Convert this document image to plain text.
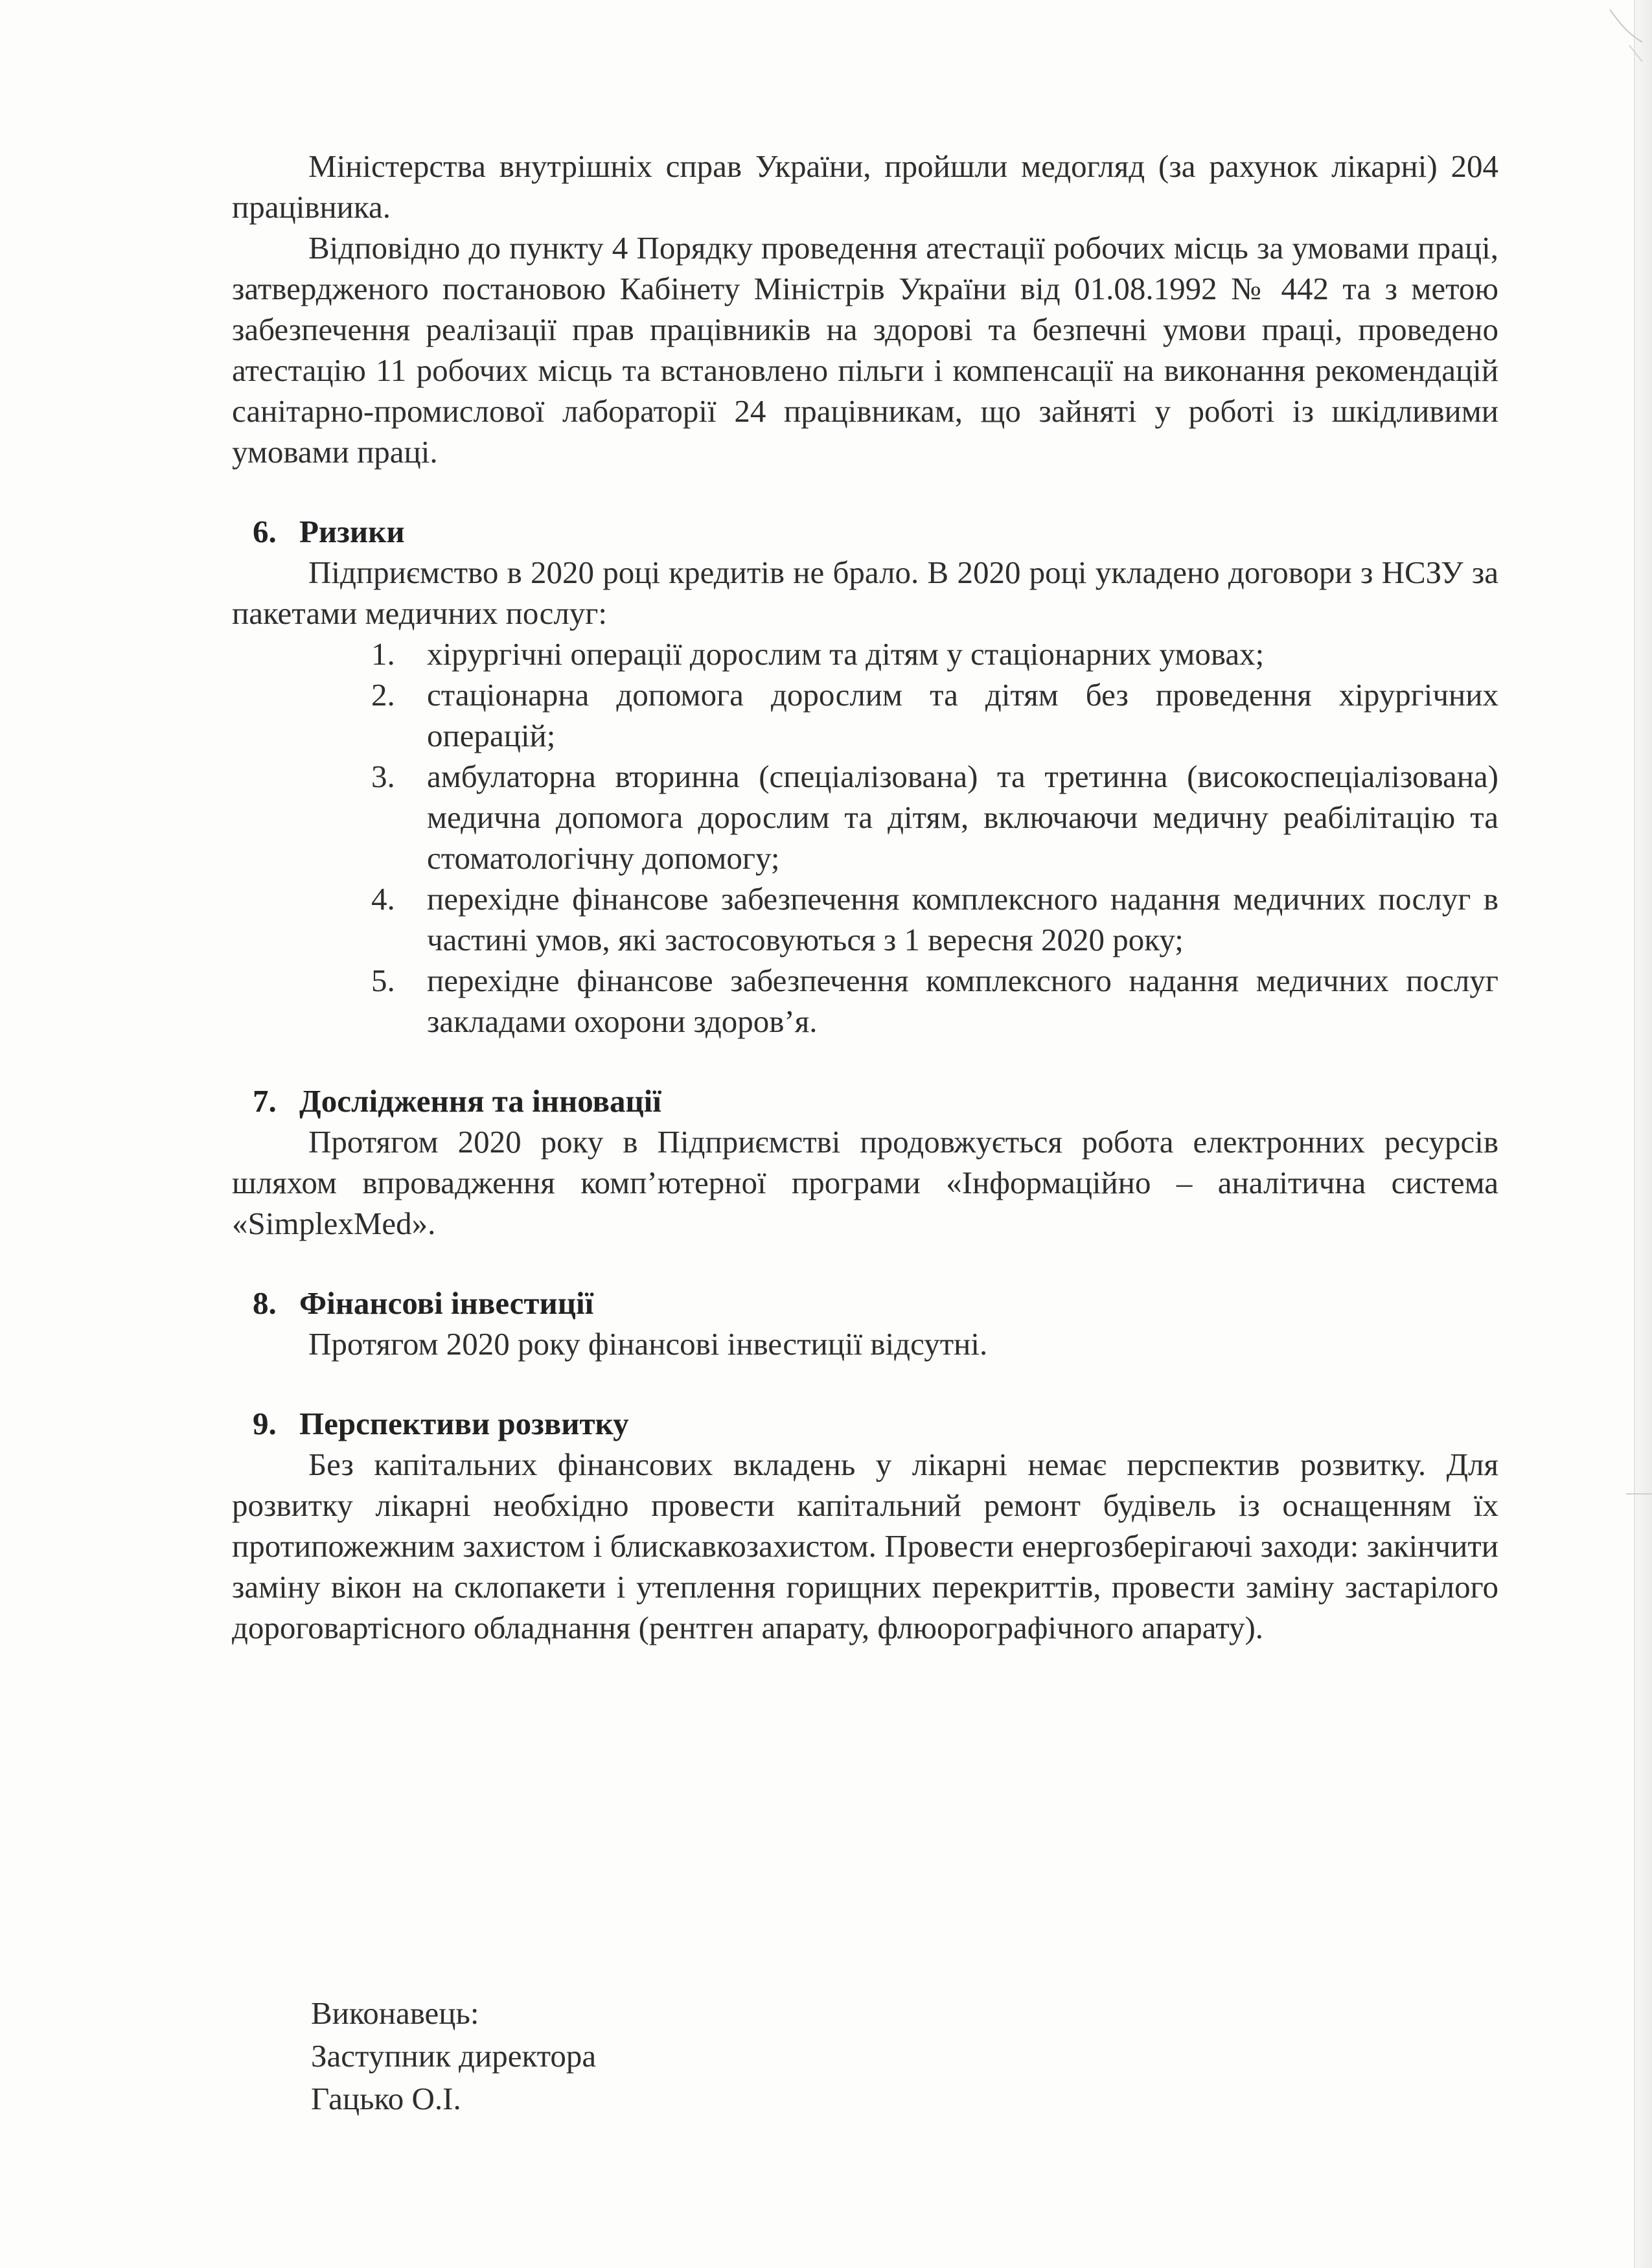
Міністерства внутрішніх справ України, пройшли медогляд (за рахунок лікарні) 204 працівника.

Відповідно до пункту 4 Порядку проведення атестації робочих місць за умовами праці, затвердженого постановою Кабінету Міністрів України від 01.08.1992 № 442 та з метою забезпечення реалізації прав працівників на здорові та безпечні умови праці, проведено атестацію 11 робочих місць та встановлено пільги і компенсації на виконання рекомендацій санітарно-промислової лабораторії 24 працівникам, що зайняті у роботі із шкідливими умовами праці.

6. Ризики

Підприємство в 2020 році кредитів не брало. В 2020 році укладено договори з НСЗУ за пакетами медичних послуг:

1. хірургічні операції дорослим та дітям у стаціонарних умовах;
2. стаціонарна допомога дорослим та дітям без проведення хірургічних операцій;
3. амбулаторна вторинна (спеціалізована) та третинна (високоспеціалізована) медична допомога дорослим та дітям, включаючи медичну реабілітацію та стоматологічну допомогу;
4. перехідне фінансове забезпечення комплексного надання медичних послуг в частині умов, які застосовуються з 1 вересня 2020 року;
5. перехідне фінансове забезпечення комплексного надання медичних послуг закладами охорони здоров’я.
7. Дослідження та інновації

Протягом 2020 року в Підприємстві продовжується робота електронних ресурсів шляхом впровадження комп’ютерної програми «Інформаційно – аналітична система «SimplexMed».

8. Фінансові інвестиції

Протягом 2020 року фінансові інвестиції відсутні.

9. Перспективи розвитку

Без капітальних фінансових вкладень у лікарні немає перспектив розвитку. Для розвитку лікарні необхідно провести капітальний ремонт будівель із оснащенням їх протипожежним захистом і блискавкозахистом. Провести енергозберігаючі заходи: закінчити заміну вікон на склопакети і утеплення горищних перекриттів, провести заміну застарілого дороговартісного обладнання (рентген апарату, флюорографічного апарату).

Виконавець:
Заступник директора
Гацько О.І.
